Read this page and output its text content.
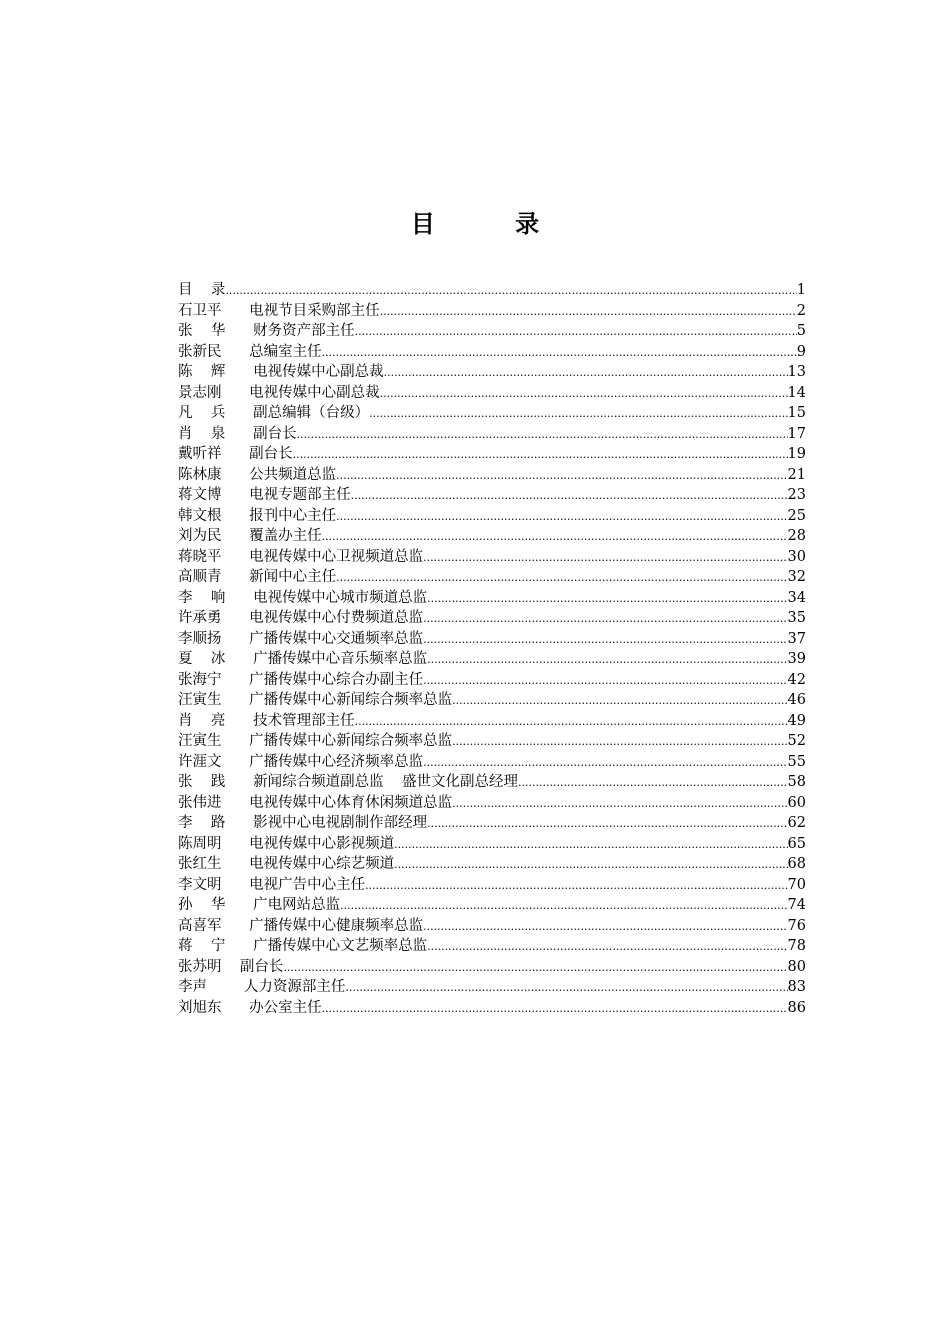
目 录
目    录 .....	1
石卫平      电视节目采购部主任 .....	2
张    华      财务资产部主任 .....	5
张新民      总编室主任 .....	9
陈    辉      电视传媒中心副总裁 .....	13
景志刚      电视传媒中心副总裁 .....	14
凡    兵      副总编辑（台级） .....	15
肖    泉      副台长 .....	17
戴听祥      副台长 .....	19
陈林康      公共频道总监 .....	21
蒋文博      电视专题部主任 .....	23
韩文根      报刊中心主任 .....	25
刘为民      覆盖办主任 .....	28
蒋晓平      电视传媒中心卫视频道总监 .....	30
高顺青      新闻中心主任 .....	32
李    响      电视传媒中心城市频道总监 .....	34
许承勇      电视传媒中心付费频道总监 .....	35
李顺扬      广播传媒中心交通频率总监 .....	37
夏    冰      广播传媒中心音乐频率总监 .....	39
张海宁      广播传媒中心综合办副主任 .....	42
汪寅生      广播传媒中心新闻综合频率总监 .....	46
肖    亮      技术管理部主任 .....	49
汪寅生      广播传媒中心新闻综合频率总监 .....	52
许涯文      广播传媒中心经济频率总监 .....	55
张    践      新闻综合频道副总监    盛世文化副总经理 .....	58
张伟进      电视传媒中心体育休闲频道总监 .....	60
李    路      影视中心电视剧制作部经理 .....	62
陈周明      电视传媒中心影视频道 .....	65
张红生      电视传媒中心综艺频道 .....	68
李文明      电视广告中心主任 .....	70
孙    华      广电网站总监 .....	74
高喜军      广播传媒中心健康频率总监 .....	76
蒋    宁      广播传媒中心文艺频率总监 .....	78
张苏明    副台长 .....	80
李声        人力资源部主任 .....	83
刘旭东      办公室主任 .....	86
